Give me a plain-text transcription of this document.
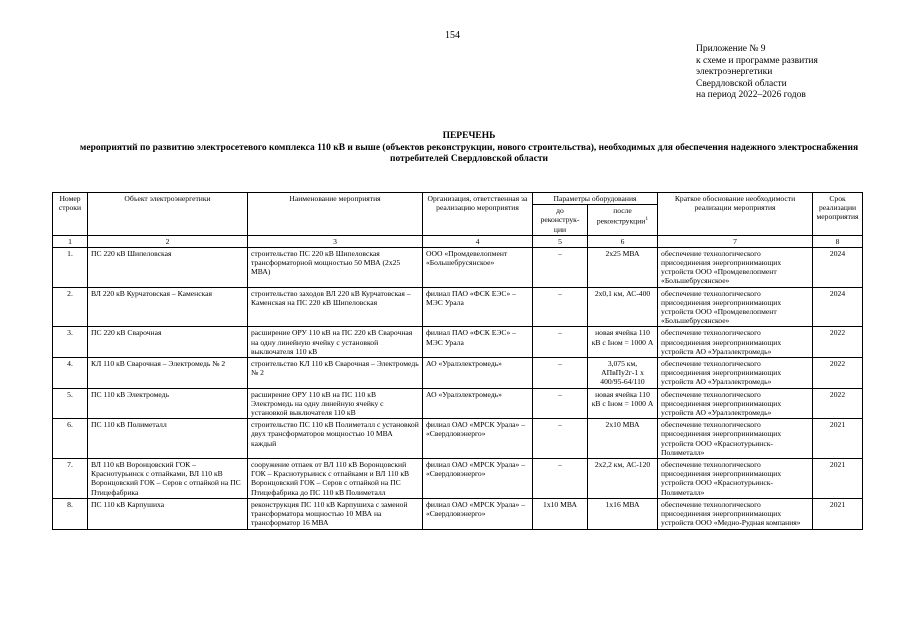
154
Приложение № 9
к схеме и программе развития
электроэнергетики
Свердловской области
на период 2022–2026 годов
ПЕРЕЧЕНЬ
мероприятий по развитию электросетевого комплекса 110 кВ и выше (объектов реконструкции, нового строительства), необходимых для обеспечения надежного электроснабжения потребителей Свердловской области
Номер строки	Объект электроэнергетики	Наименование мероприятия	Организация, ответственная за реализацию мероприятия	Параметры оборудования		Краткое обоснование необходимости реализации мероприятия	Срок реализации мероприятия
				до реконструк-ции	после реконструкции$^1$
1	2	3	4	5	6	7	8
1.	ПС 220 кВ Шипеловская	строительство ПС 220 кВ Шипеловская трансформаторной мощностью 50 МВА (2x25 МВА)	ООО «Промдевелопмент «Большебрусянское»	–	2x25 МВА	обеспечение технологического присоединения энергопринимающих устройств ООО «Промдевелопмент «Большебрусянское»	2024
2.	ВЛ 220 кВ Курчатовская – Каменская	строительство заходов ВЛ 220 кВ Курчатовская – Каменская на ПС 220 кВ Шипеловская	филиал ПАО «ФСК ЕЭС» – МЭС Урала	–	2x0,1 км, АС-400	обеспечение технологического присоединения энергопринимающих устройств ООО «Промдевелопмент «Большебрусянское»	2024
3.	ПС 220 кВ Сварочная	расширение ОРУ 110 кВ на ПС 220 кВ Сварочная на одну линейную ячейку с установкой выключателя 110 кВ	филиал ПАО «ФСК ЕЭС» – МЭС Урала	–	новая ячейка 110 кВ с Iном = 1000 А	обеспечение технологического присоединения энергопринимающих устройств АО «Уралэлектромедь»	2022
4.	КЛ 110 кВ Сварочная – Электромедь № 2	строительство КЛ 110 кВ Сварочная – Электромедь № 2	АО «Уралэлектромедь»	–	3,075 км, АПвПу2г-1 x 400/95-64/110	обеспечение технологического присоединения энергопринимающих устройств АО «Уралэлектромедь»	2022
5.	ПС 110 кВ Электромедь	расширение ОРУ 110 кВ на ПС 110 кВ Электромедь на одну линейную ячейку с установкой выключателя 110 кВ	АО «Уралэлектромедь»	–	новая ячейка 110 кВ с Iном = 1000 А	обеспечение технологического присоединения энергопринимающих устройств АО «Уралэлектромедь»	2022
6.	ПС 110 кВ Полиметалл	строительство ПС 110 кВ Полиметалл с установкой двух трансформаторов мощностью 10 МВА каждый	филиал ОАО «МРСК Урала» – «Свердловэнерго»	–	2x10 МВА	обеспечение технологического присоединения энергопринимающих устройств ООО «Краснотурьинск-Полиметалл»	2021
7.	ВЛ 110 кВ Воронцовский ГОК – Краснотурьинск с отпайками, ВЛ 110 кВ Воронцовский ГОК – Серов с отпайкой на ПС Птицефабрика	сооружение отпаек от ВЛ 110 кВ Воронцовский ГОК – Краснотурьинск с отпайками и ВЛ 110 кВ Воронцовский ГОК – Серов с отпайкой на ПС Птицефабрика до ПС 110 кВ Полиметалл	филиал ОАО «МРСК Урала» – «Свердловэнерго»	–	2x2,2 км, АС-120	обеспечение технологического присоединения энергопринимающих устройств ООО «Краснотурьинск-Полиметалл»	2021
8.	ПС 110 кВ Карпушиха	реконструкция ПС 110 кВ Карпушиха с заменой трансформатора мощностью 10 МВА на трансформатор 16 МВА	филиал ОАО «МРСК Урала» – «Свердловэнерго»	1x10 МВА	1x16 МВА	обеспечение технологического присоединения энергопринимающих устройств ООО «Медно-Рудная компания»	2021
